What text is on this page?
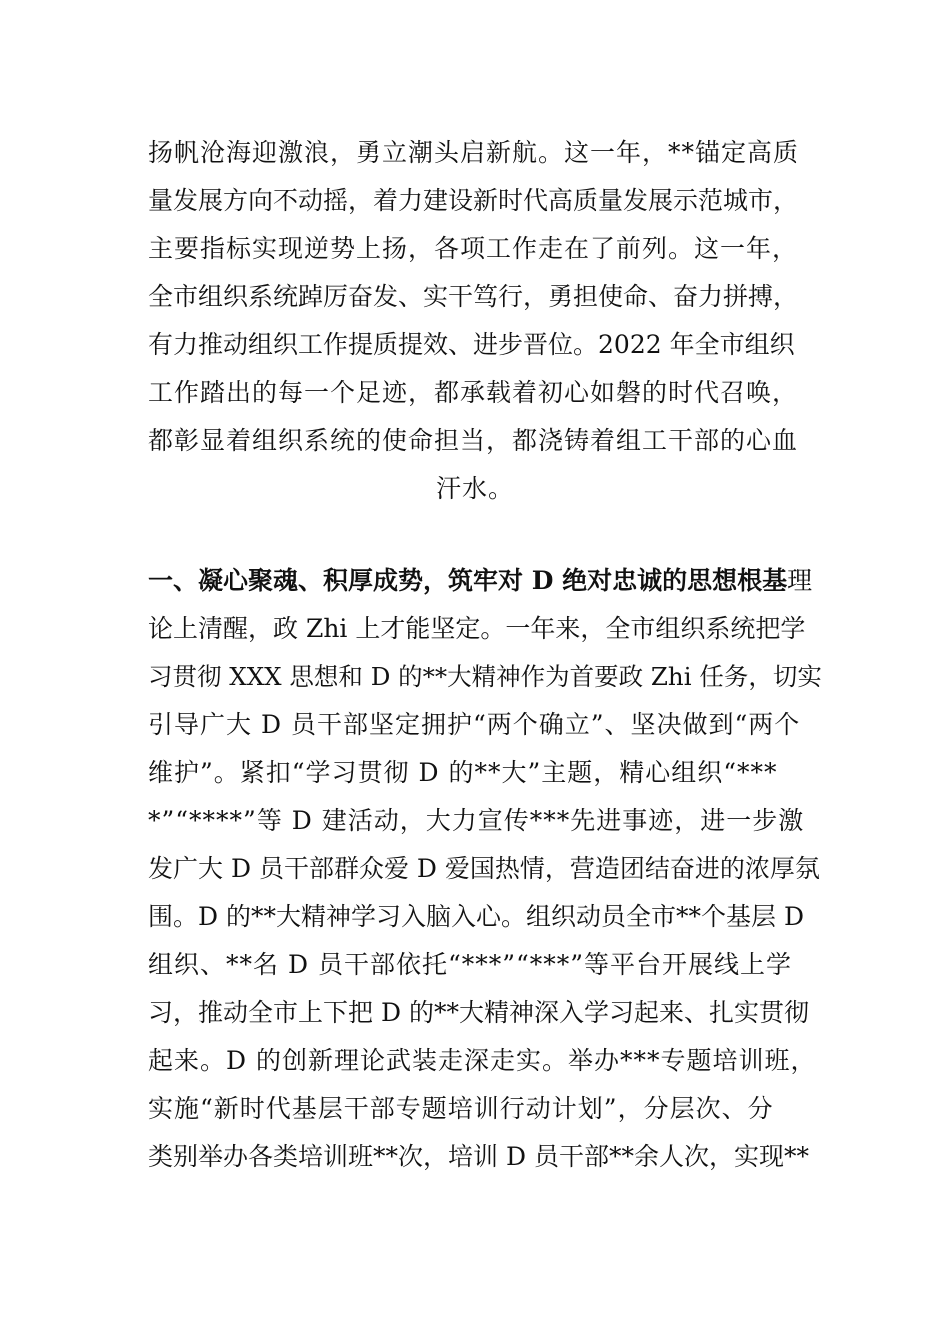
扬帆沧海迎激浪，勇立潮头启新航。这一年，**锚定高质
量发展方向不动摇，着力建设新时代高质量发展示范城市，
主要指标实现逆势上扬，各项工作走在了前列。这一年，
全市组织系统踔厉奋发、实干笃行，勇担使命、奋力拼搏，
有力推动组织工作提质提效、进步晋位。2022 年全市组织
工作踏出的每一个足迹，都承载着初心如磐的时代召唤，
都彰显着组织系统的使命担当，都浇铸着组工干部的心血
汗水。
一、凝心聚魂、积厚成势，筑牢对 D 绝对忠诚的思想根基理
论上清醒，政 Zhi 上才能坚定。一年来，全市组织系统把学
习贯彻 XXX 思想和 D 的**大精神作为首要政 Zhi 任务，切实
引导广大 D 员干部坚定拥护“两个确立”、坚决做到“两个
维护”。紧扣“学习贯彻 D 的**大”主题，精心组织“***
*”“****”等 D 建活动，大力宣传***先进事迹，进一步激
发广大 D 员干部群众爱 D 爱国热情，营造团结奋进的浓厚氛
围。D 的**大精神学习入脑入心。组织动员全市**个基层 D
组织、**名 D 员干部依托“***”“***”等平台开展线上学
习，推动全市上下把 D 的**大精神深入学习起来、扎实贯彻
起来。D 的创新理论武装走深走实。举办***专题培训班，
实施“新时代基层干部专题培训行动计划”，分层次、分
类别举办各类培训班**次，培训 D 员干部**余人次，实现**
